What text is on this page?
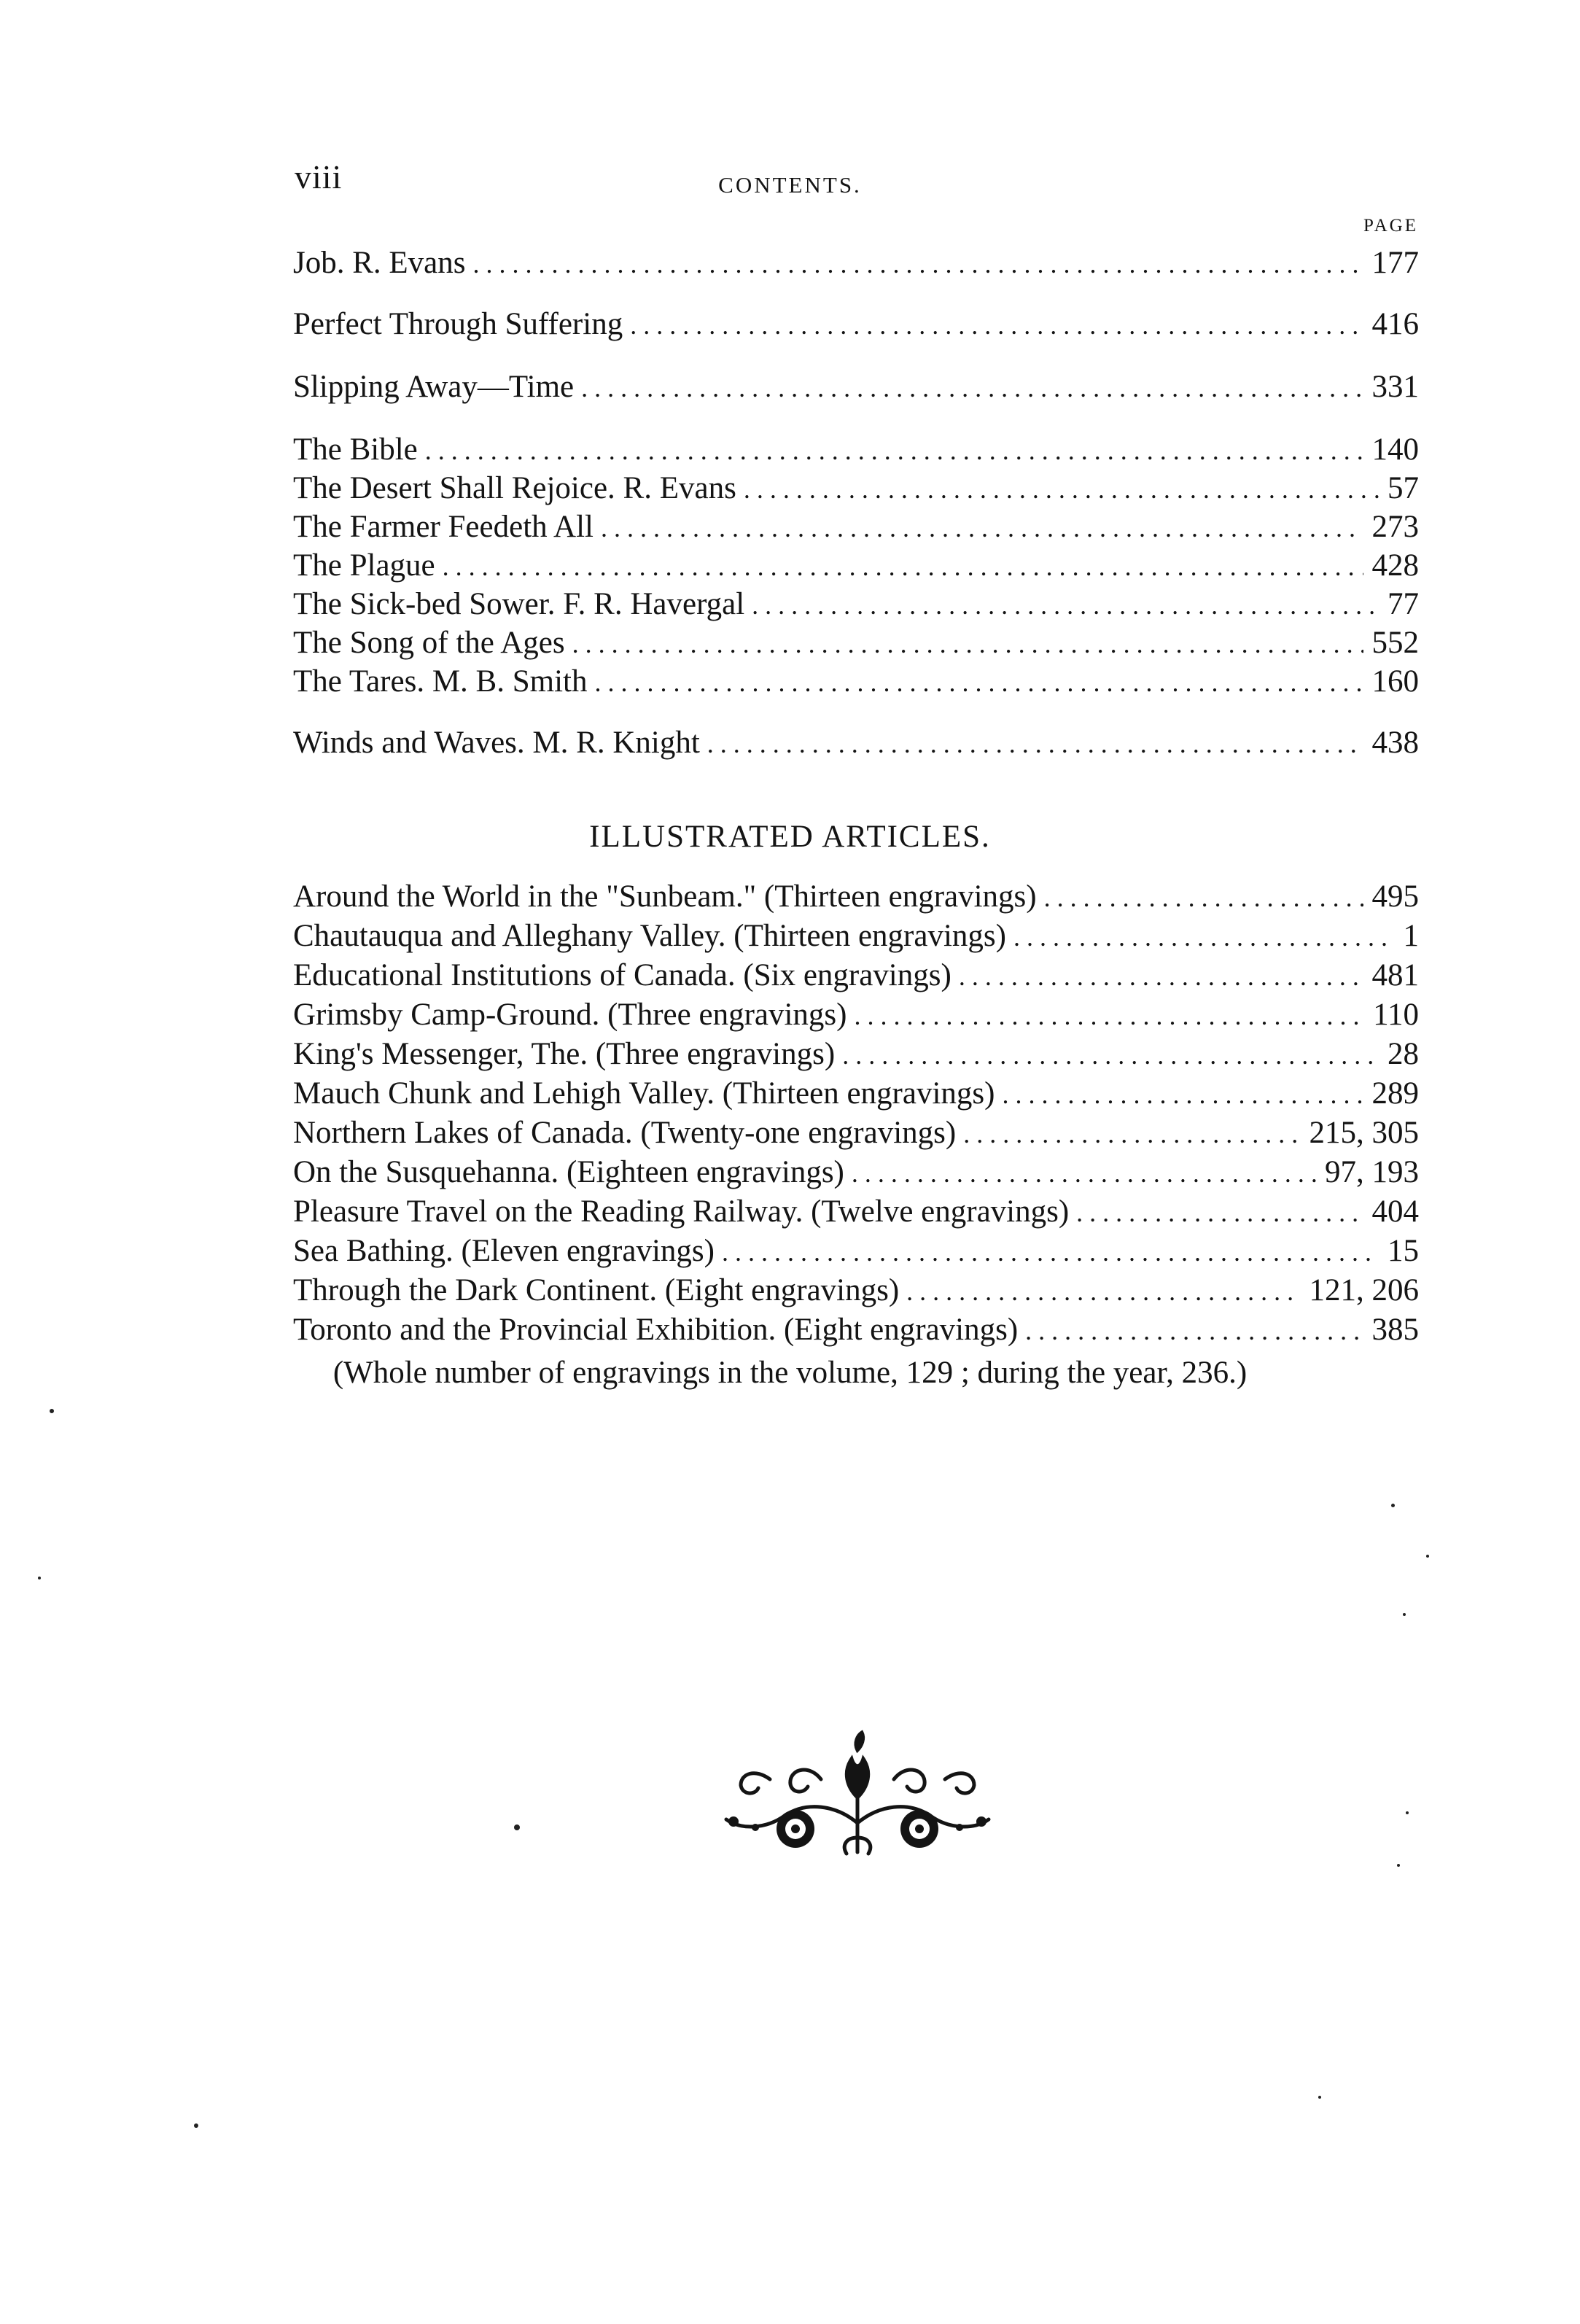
viii	CONTENTS.
PAGE
Job. R. Evans . . .	177
Perfect Through Suffering . . .	416
Slipping Away—Time . . .	331
The Bible . . .	140
The Desert Shall Rejoice. R. Evans . . .	57
The Farmer Feedeth All . . .	273
The Plague . . .	428
The Sick-bed Sower. F. R. Havergal . . .	77
The Song of the Ages . . .	552
The Tares. M. B. Smith . . .	160
Winds and Waves. M. R. Knight . . .	438
ILLUSTRATED ARTICLES.
Around the World in the "Sunbeam." (Thirteen engravings) . . .	495
Chautauqua and Alleghany Valley. (Thirteen engravings) . . .	1
Educational Institutions of Canada. (Six engravings) . . .	481
Grimsby Camp-Ground. (Three engravings) . . .	110
King's Messenger, The. (Three engravings) . . .	28
Mauch Chunk and Lehigh Valley. (Thirteen engravings) . . .	289
Northern Lakes of Canada. (Twenty-one engravings) . . .	215, 305
On the Susquehanna. (Eighteen engravings) . . .	97, 193
Pleasure Travel on the Reading Railway. (Twelve engravings) . . .	404
Sea Bathing. (Eleven engravings) . . .	15
Through the Dark Continent. (Eight engravings) . . .	121, 206
Toronto and the Provincial Exhibition. (Eight engravings) . . .	385
(Whole number of engravings in the volume, 129 ; during the year, 236.)
